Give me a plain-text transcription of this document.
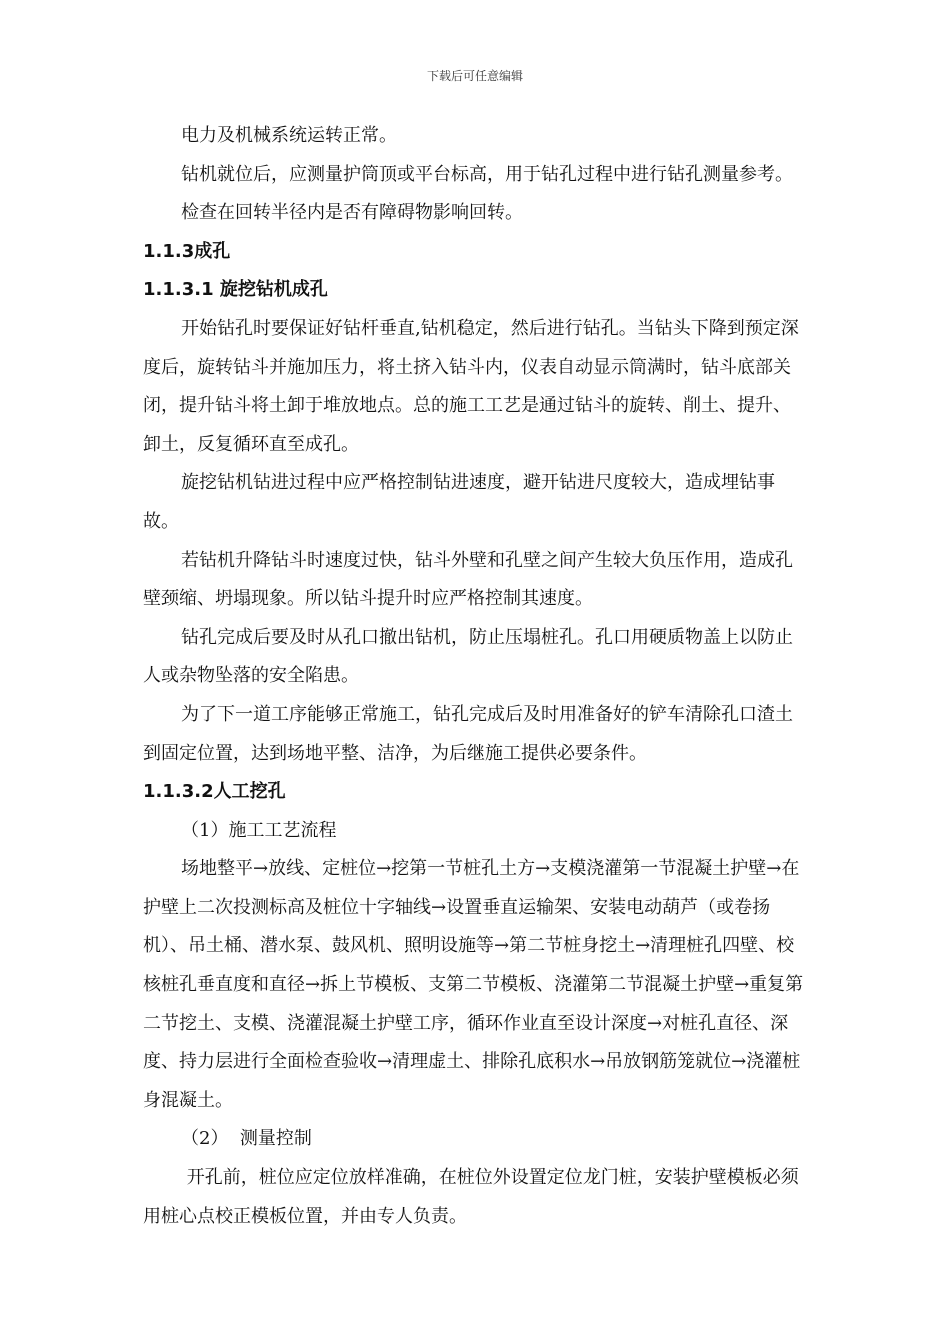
下载后可任意编辑

电力及机械系统运转正常。

钻机就位后，应测量护筒顶或平台标高，用于钻孔过程中进行钻孔测量参考。

检查在回转半径内是否有障碍物影响回转。

1.1.3成孔

1.1.3.1 旋挖钻机成孔

开始钻孔时要保证好钻杆垂直,钻机稳定，然后进行钻孔。当钻头下降到预定深度后，旋转钻斗并施加压力，将土挤入钻斗内，仪表自动显示筒满时，钻斗底部关闭，提升钻斗将土卸于堆放地点。总的施工工艺是通过钻斗的旋转、削土、提升、卸土，反复循环直至成孔。

旋挖钻机钻进过程中应严格控制钻进速度，避开钻进尺度较大，造成埋钻事故。

若钻机升降钻斗时速度过快，钻斗外壁和孔壁之间产生较大负压作用，造成孔壁颈缩、坍塌现象。所以钻斗提升时应严格控制其速度。

钻孔完成后要及时从孔口撤出钻机，防止压塌桩孔。孔口用硬质物盖上以防止人或杂物坠落的安全陷患。

为了下一道工序能够正常施工，钻孔完成后及时用准备好的铲车清除孔口渣土到固定位置，达到场地平整、洁净，为后继施工提供必要条件。

1.1.3.2人工挖孔

（1）施工工艺流程

场地整平→放线、定桩位→挖第一节桩孔土方→支模浇灌第一节混凝土护壁→在护壁上二次投测标高及桩位十字轴线→设置垂直运输架、安装电动葫芦（或卷扬机）、吊土桶、潜水泵、鼓风机、照明设施等→第二节桩身挖土→清理桩孔四壁、校核桩孔垂直度和直径→拆上节模板、支第二节模板、浇灌第二节混凝土护壁→重复第二节挖土、支模、浇灌混凝土护壁工序，循环作业直至设计深度→对桩孔直径、深度、持力层进行全面检查验收→清理虚土、排除孔底积水→吊放钢筋笼就位→浇灌桩身混凝土。

（2）  测量控制

开孔前，桩位应定位放样准确，在桩位外设置定位龙门桩，安装护壁模板必须用桩心点校正模板位置，并由专人负责。
